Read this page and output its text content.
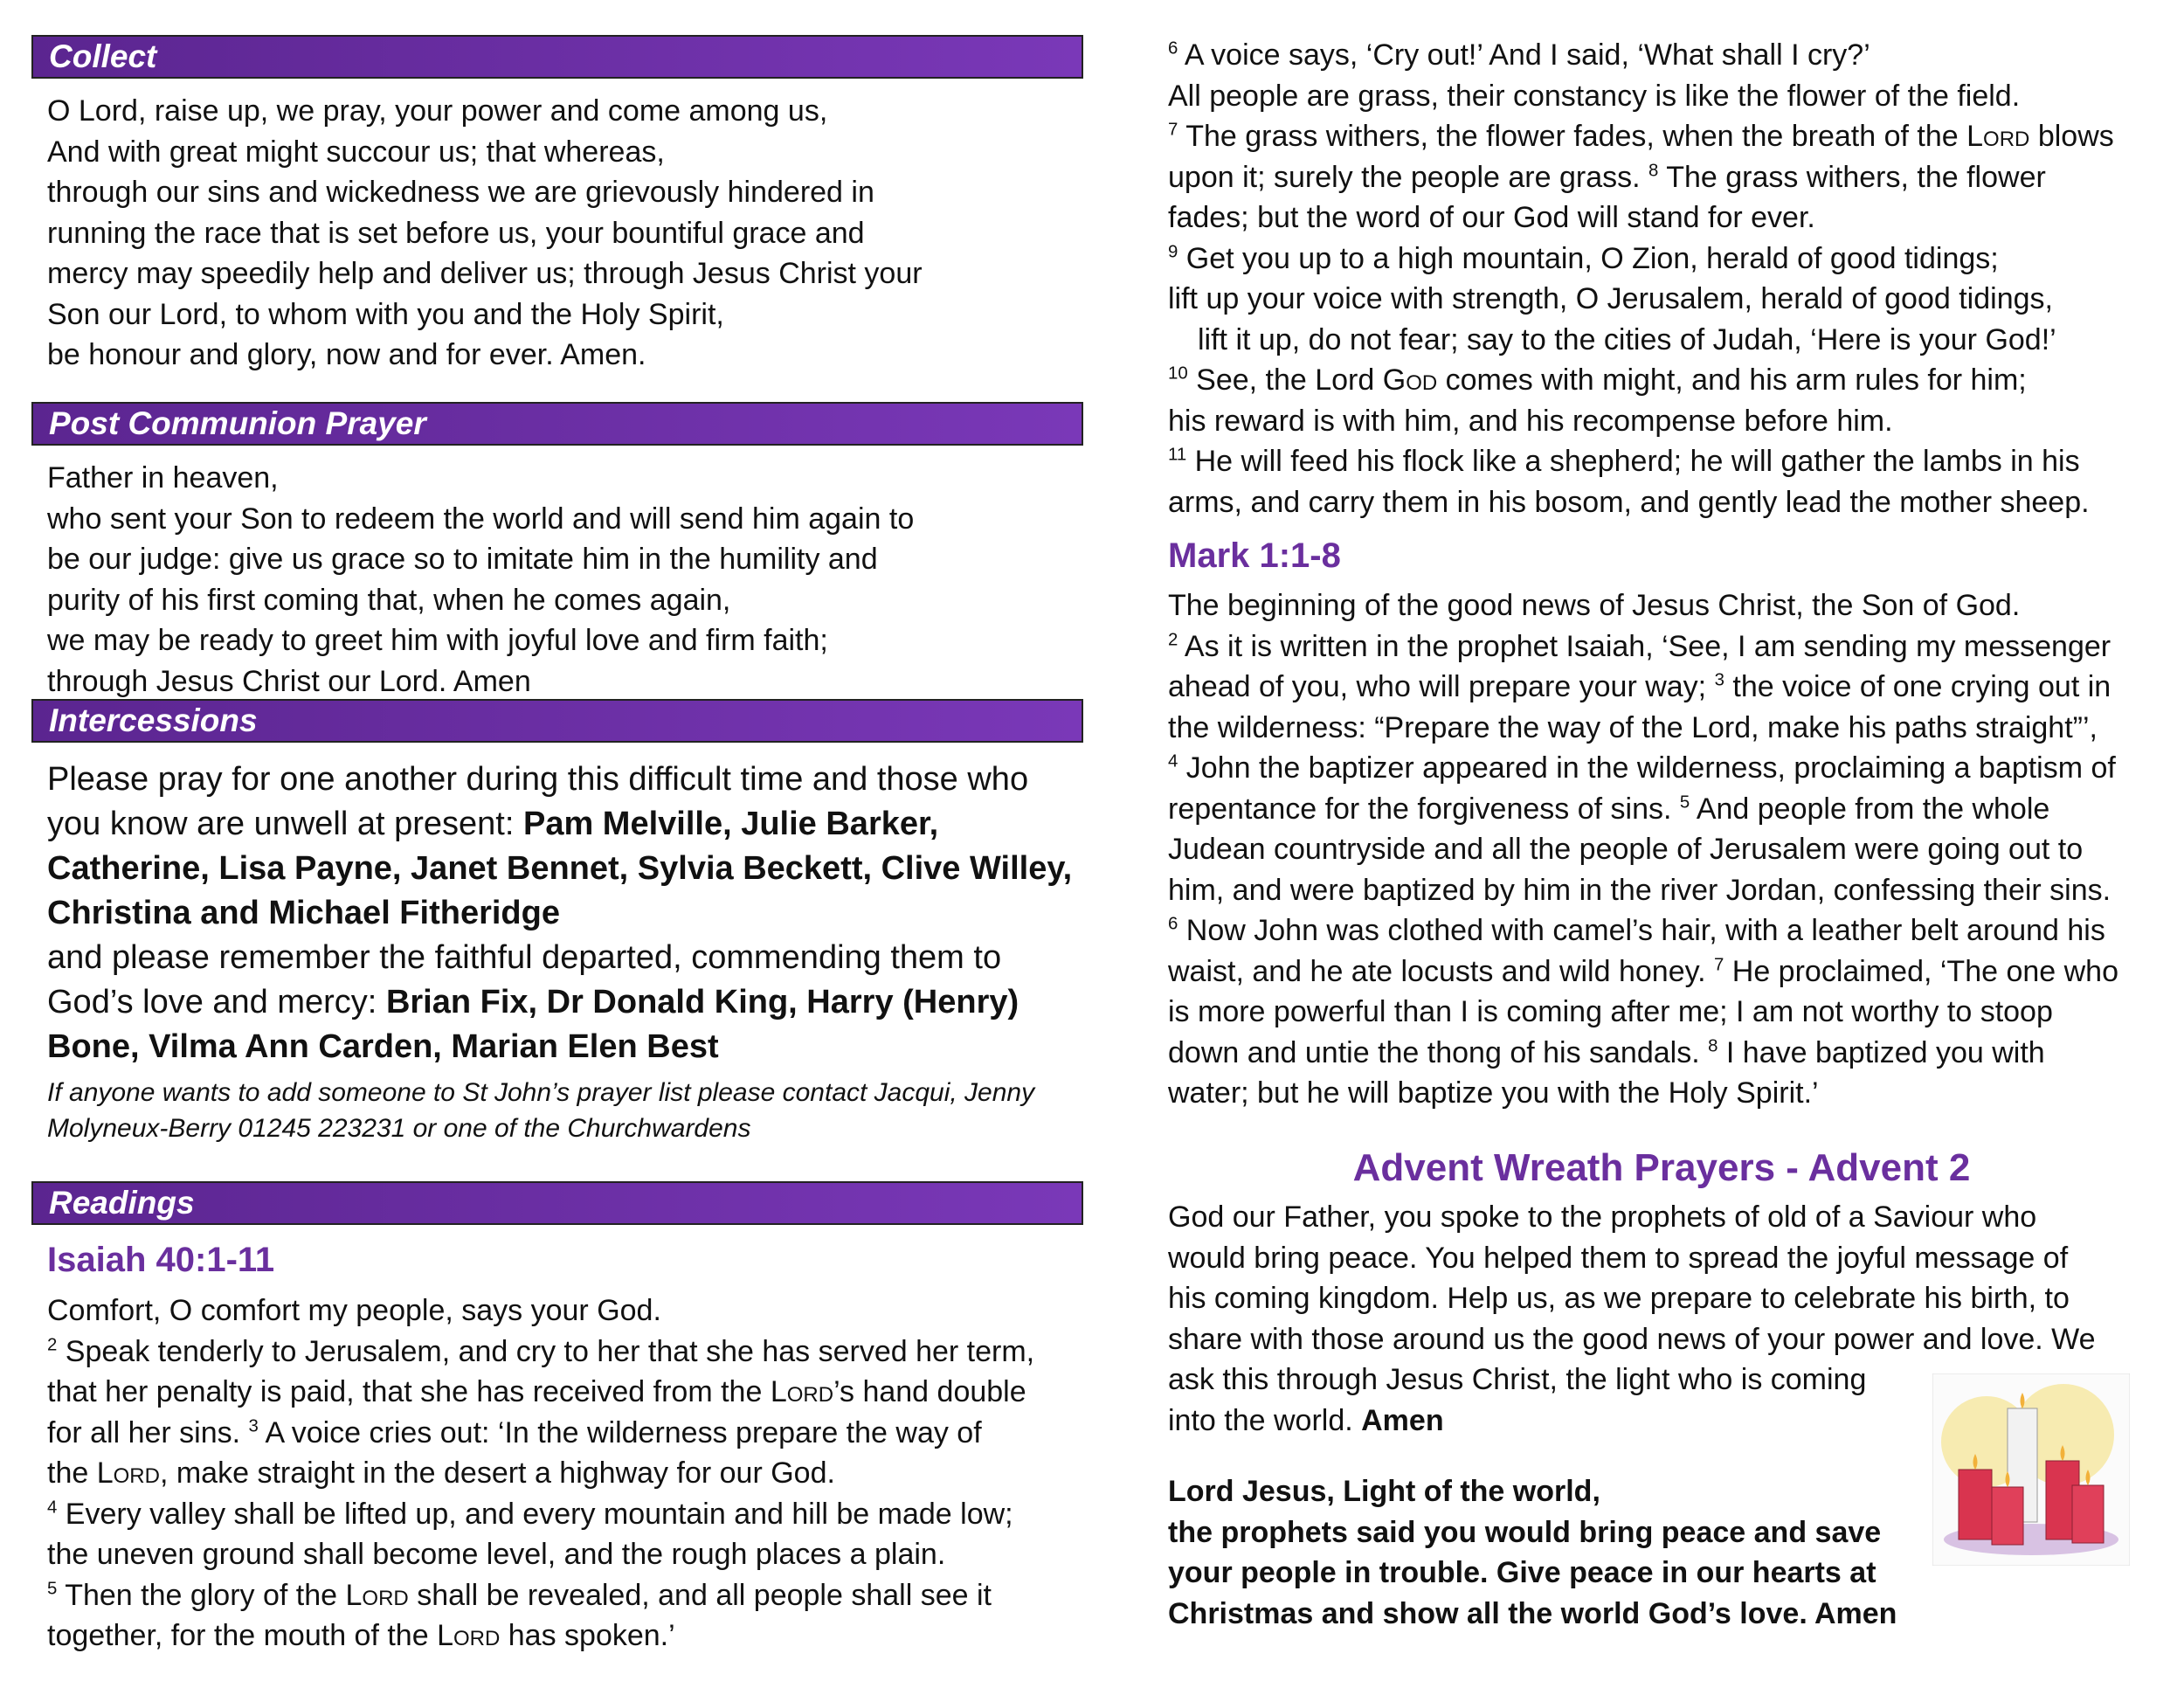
Collect
O Lord, raise up, we pray, your power and come among us,
And with great might succour us; that whereas,
through our sins and wickedness we are grievously hindered in
running the race that is set before us, your bountiful grace and
mercy may speedily help and deliver us; through Jesus Christ your
Son our Lord, to whom with you and the Holy Spirit,
be honour and glory, now and for ever. Amen.
Post Communion Prayer
Father in heaven,
who sent your Son to redeem the world and will send him again to
be our judge: give us grace so to imitate him in the humility and
purity of his first coming that, when he comes again,
we may be ready to greet him with joyful love and firm faith;
through Jesus Christ our Lord. Amen
Intercessions
Please pray for one another during this difficult time and those who
you know are unwell at present: Pam Melville, Julie Barker,
Catherine, Lisa Payne, Janet Bennet, Sylvia Beckett, Clive Willey,
Christina and Michael Fitheridge
and please remember the faithful departed, commending them to
God’s love and mercy: Brian Fix, Dr Donald King, Harry (Henry)
Bone, Vilma Ann Carden, Marian Elen Best
If anyone wants to add someone to St John’s prayer list please contact Jacqui, Jenny
Molyneux-Berry 01245 223231 or one of the Churchwardens
Readings
Isaiah 40:1-11
Comfort, O comfort my people, says your God.
$^2$ Speak tenderly to Jerusalem, and cry to her that she has served her term,
that her penalty is paid, that she has received from the Lord’s hand double
for all her sins. $^3$ A voice cries out: ‘In the wilderness prepare the way of
the Lord, make straight in the desert a highway for our God.
$^4$ Every valley shall be lifted up, and every mountain and hill be made low;
the uneven ground shall become level, and the rough places a plain.
$^5$ Then the glory of the Lord shall be revealed, and all people shall see it
together, for the mouth of the Lord has spoken.’
$^6$ A voice says, ‘Cry out!’ And I said, ‘What shall I cry?’
All people are grass, their constancy is like the flower of the field.
$^7$ The grass withers, the flower fades, when the breath of the Lord blows
upon it; surely the people are grass. $^8$ The grass withers, the flower
fades; but the word of our God will stand for ever.
$^9$ Get you up to a high mountain, O Zion, herald of good tidings;
lift up your voice with strength, O Jerusalem, herald of good tidings,
lift it up, do not fear; say to the cities of Judah, ‘Here is your God!’
$^{10}$ See, the Lord God comes with might, and his arm rules for him;
his reward is with him, and his recompense before him.
$^{11}$ He will feed his flock like a shepherd; he will gather the lambs in his
arms, and carry them in his bosom, and gently lead the mother sheep.
Mark 1:1-8
The beginning of the good news of Jesus Christ, the Son of God.
$^2$ As it is written in the prophet Isaiah, ‘See, I am sending my messenger
ahead of you, who will prepare your way; $^3$ the voice of one crying out in
the wilderness: “Prepare the way of the Lord, make his paths straight”’,
$^4$ John the baptizer appeared in the wilderness, proclaiming a baptism of
repentance for the forgiveness of sins. $^5$ And people from the whole
Judean countryside and all the people of Jerusalem were going out to
him, and were baptized by him in the river Jordan, confessing their sins.
$^6$ Now John was clothed with camel’s hair, with a leather belt around his
waist, and he ate locusts and wild honey. $^7$ He proclaimed, ‘The one who
is more powerful than I is coming after me; I am not worthy to stoop
down and untie the thong of his sandals. $^8$ I have baptized you with
water; but he will baptize you with the Holy Spirit.’
Advent Wreath Prayers - Advent 2
God our Father, you spoke to the prophets of old of a Saviour who
would bring peace. You helped them to spread the joyful message of
his coming kingdom. Help us, as we prepare to celebrate his birth, to
share with those around us the good news of your power and love. We
ask this through Jesus Christ, the light who is coming
into the world. Amen
Lord Jesus, Light of the world,
the prophets said you would bring peace and save
your people in trouble. Give peace in our hearts at
Christmas and show all the world God’s love. Amen
